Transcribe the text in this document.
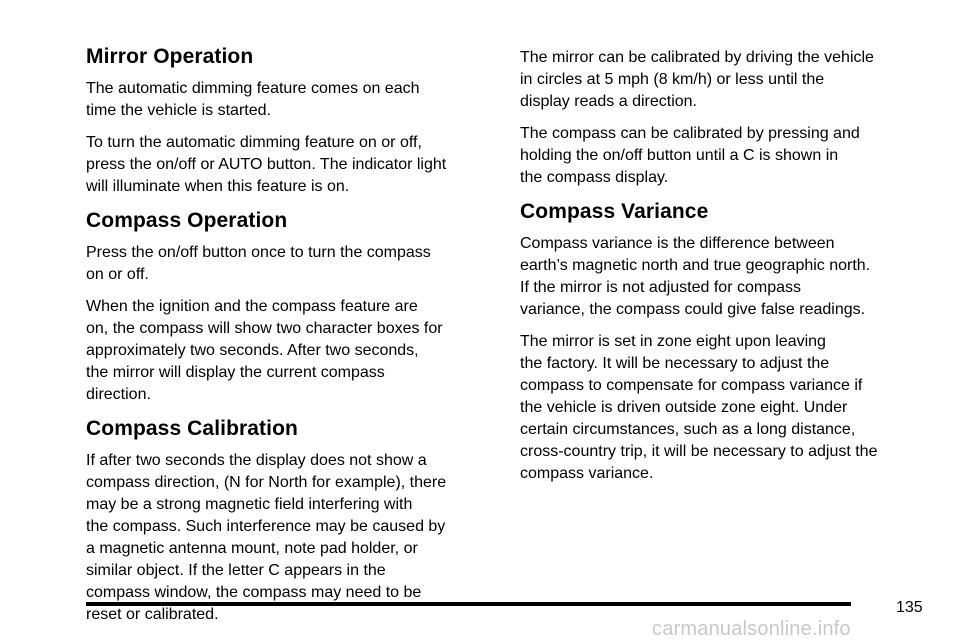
Mirror Operation

The automatic dimming feature comes on each
time the vehicle is started.

To turn the automatic dimming feature on or off,
press the on/off or AUTO button. The indicator light
will illuminate when this feature is on.

Compass Operation

Press the on/off button once to turn the compass
on or off.

When the ignition and the compass feature are
on, the compass will show two character boxes for
approximately two seconds. After two seconds,
the mirror will display the current compass
direction.

Compass Calibration

If after two seconds the display does not show a
compass direction, (N for North for example), there
may be a strong magnetic field interfering with
the compass. Such interference may be caused by
a magnetic antenna mount, note pad holder, or
similar object. If the letter C appears in the
compass window, the compass may need to be
reset or calibrated.

The mirror can be calibrated by driving the vehicle
in circles at 5 mph (8 km/h) or less until the
display reads a direction.

The compass can be calibrated by pressing and
holding the on/off button until a C is shown in
the compass display.

Compass Variance

Compass variance is the difference between
earth’s magnetic north and true geographic north.
If the mirror is not adjusted for compass
variance, the compass could give false readings.

The mirror is set in zone eight upon leaving
the factory. It will be necessary to adjust the
compass to compensate for compass variance if
the vehicle is driven outside zone eight. Under
certain circumstances, such as a long distance,
cross-country trip, it will be necessary to adjust the
compass variance.

135
carmanualsonline.info
